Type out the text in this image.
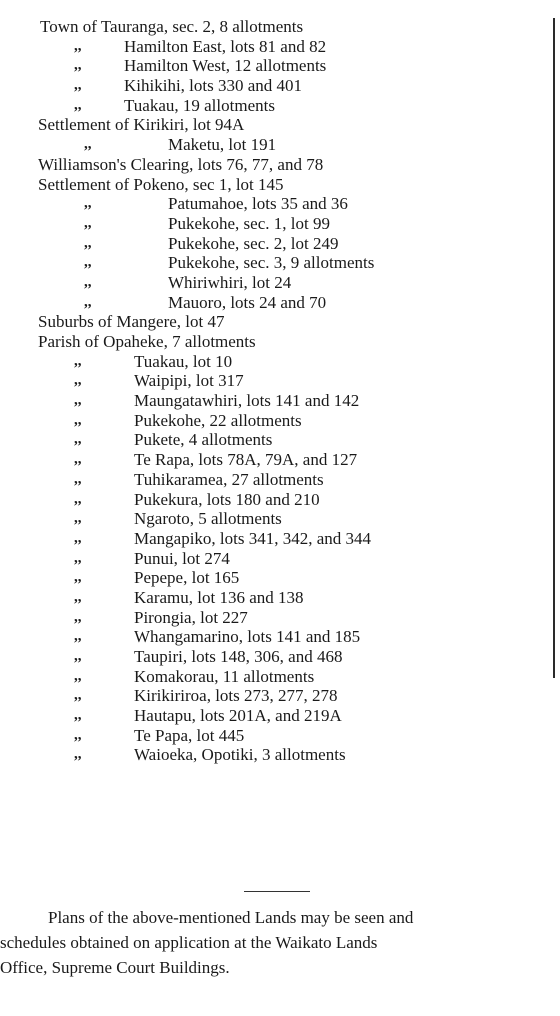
Town of Tauranga, sec. 2, 8 allotments
,,	Hamilton East, lots 81 and 82
,,	Hamilton West, 12 allotments
,,	Kihikihi, lots 330 and 401
,,	Tuakau, 19 allotments
Settlement of Kirikiri, lot 94A
,,	Maketu, lot 191
Williamson's Clearing, lots 76, 77, and 78
Settlement of Pokeno, sec 1, lot 145
,,	Patumahoe, lots 35 and 36
,,	Pukekohe, sec. 1, lot 99
,,	Pukekohe, sec. 2, lot 249
,,	Pukekohe, sec. 3, 9 allotments
,,	Whiriwhiri, lot 24
,,	Mauoro, lots 24 and 70
Suburbs of Mangere, lot 47
Parish of Opaheke, 7 allotments
,,	Tuakau, lot 10
,,	Waipipi, lot 317
,,	Maungatawhiri, lots 141 and 142
,,	Pukekohe, 22 allotments
,,	Pukete, 4 allotments
,,	Te Rapa, lots 78A, 79A, and 127
,,	Tuhikaramea, 27 allotments
,,	Pukekura, lots 180 and 210
,,	Ngaroto, 5 allotments
,,	Mangapiko, lots 341, 342, and 344
,,	Punui, lot 274
,,	Pepepe, lot 165
,,	Karamu, lot 136 and 138
,,	Pirongia, lot 227
,,	Whangamarino, lots 141 and 185
,,	Taupiri, lots 148, 306, and 468
,,	Komakorau, 11 allotments
,,	Kirikiriroa, lots 273, 277, 278
,,	Hautapu, lots 201A, and 219A
,,	Te Papa, lot 445
,,	Waioeka, Opotiki, 3 allotments
Plans of the above-mentioned Lands may be seen and
schedules obtained on application at the Waikato Lands
Office, Supreme Court Buildings.
